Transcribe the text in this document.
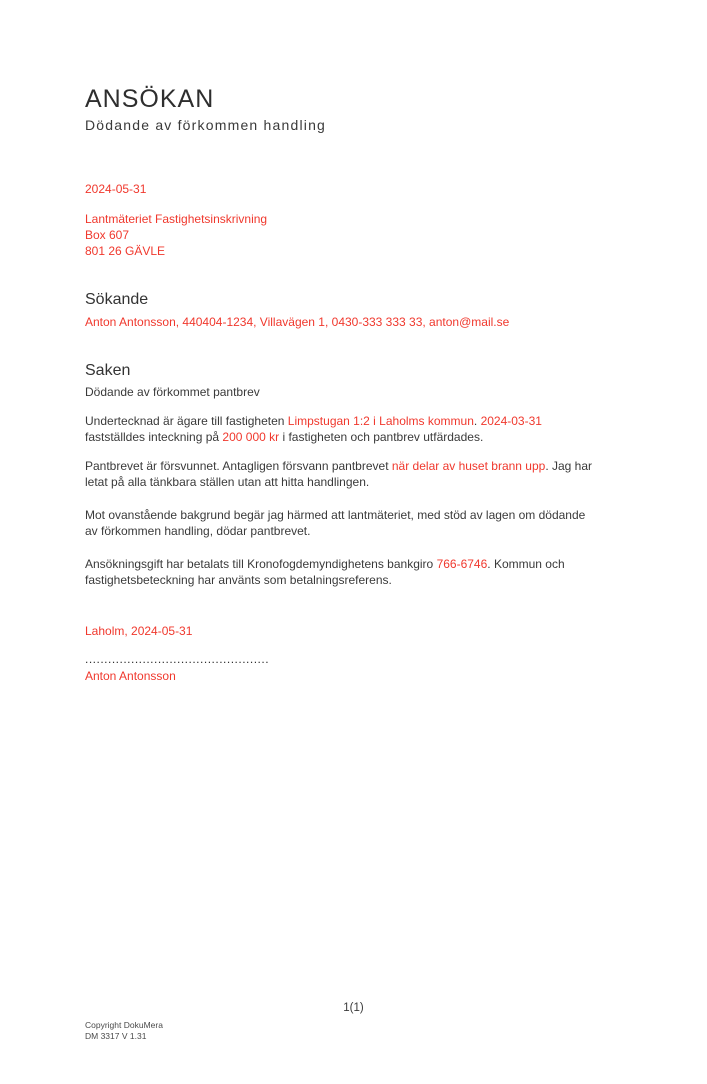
ANSÖKAN
Dödande av förkommen handling
2024-05-31
Lantmäteriet Fastighetsinskrivning
Box 607
801 26 GÄVLE
Sökande
Anton Antonsson, 440404-1234, Villavägen 1, 0430-333 333 33, anton@mail.se
Saken
Dödande av förkommet pantbrev
Undertecknad är ägare till fastigheten Limpstugan 1:2 i Laholms kommun. 2024-03-31
fastställdes inteckning på 200 000 kr i fastigheten och pantbrev utfärdades.
Pantbrevet är försvunnet. Antagligen försvann pantbrevet när delar av huset brann upp. Jag har
letat på alla tänkbara ställen utan att hitta handlingen.
Mot ovanstående bakgrund begär jag härmed att lantmäteriet, med stöd av lagen om dödande
av förkommen handling, dödar pantbrevet.
Ansökningsgift har betalats till Kronofogdemyndighetens bankgiro 766-6746. Kommun och
fastighetsbeteckning har använts som betalningsreferens.
Laholm, 2024-05-31
................................................
Anton Antonsson
1(1)
Copyright DokuMera
DM 3317 V 1.31
